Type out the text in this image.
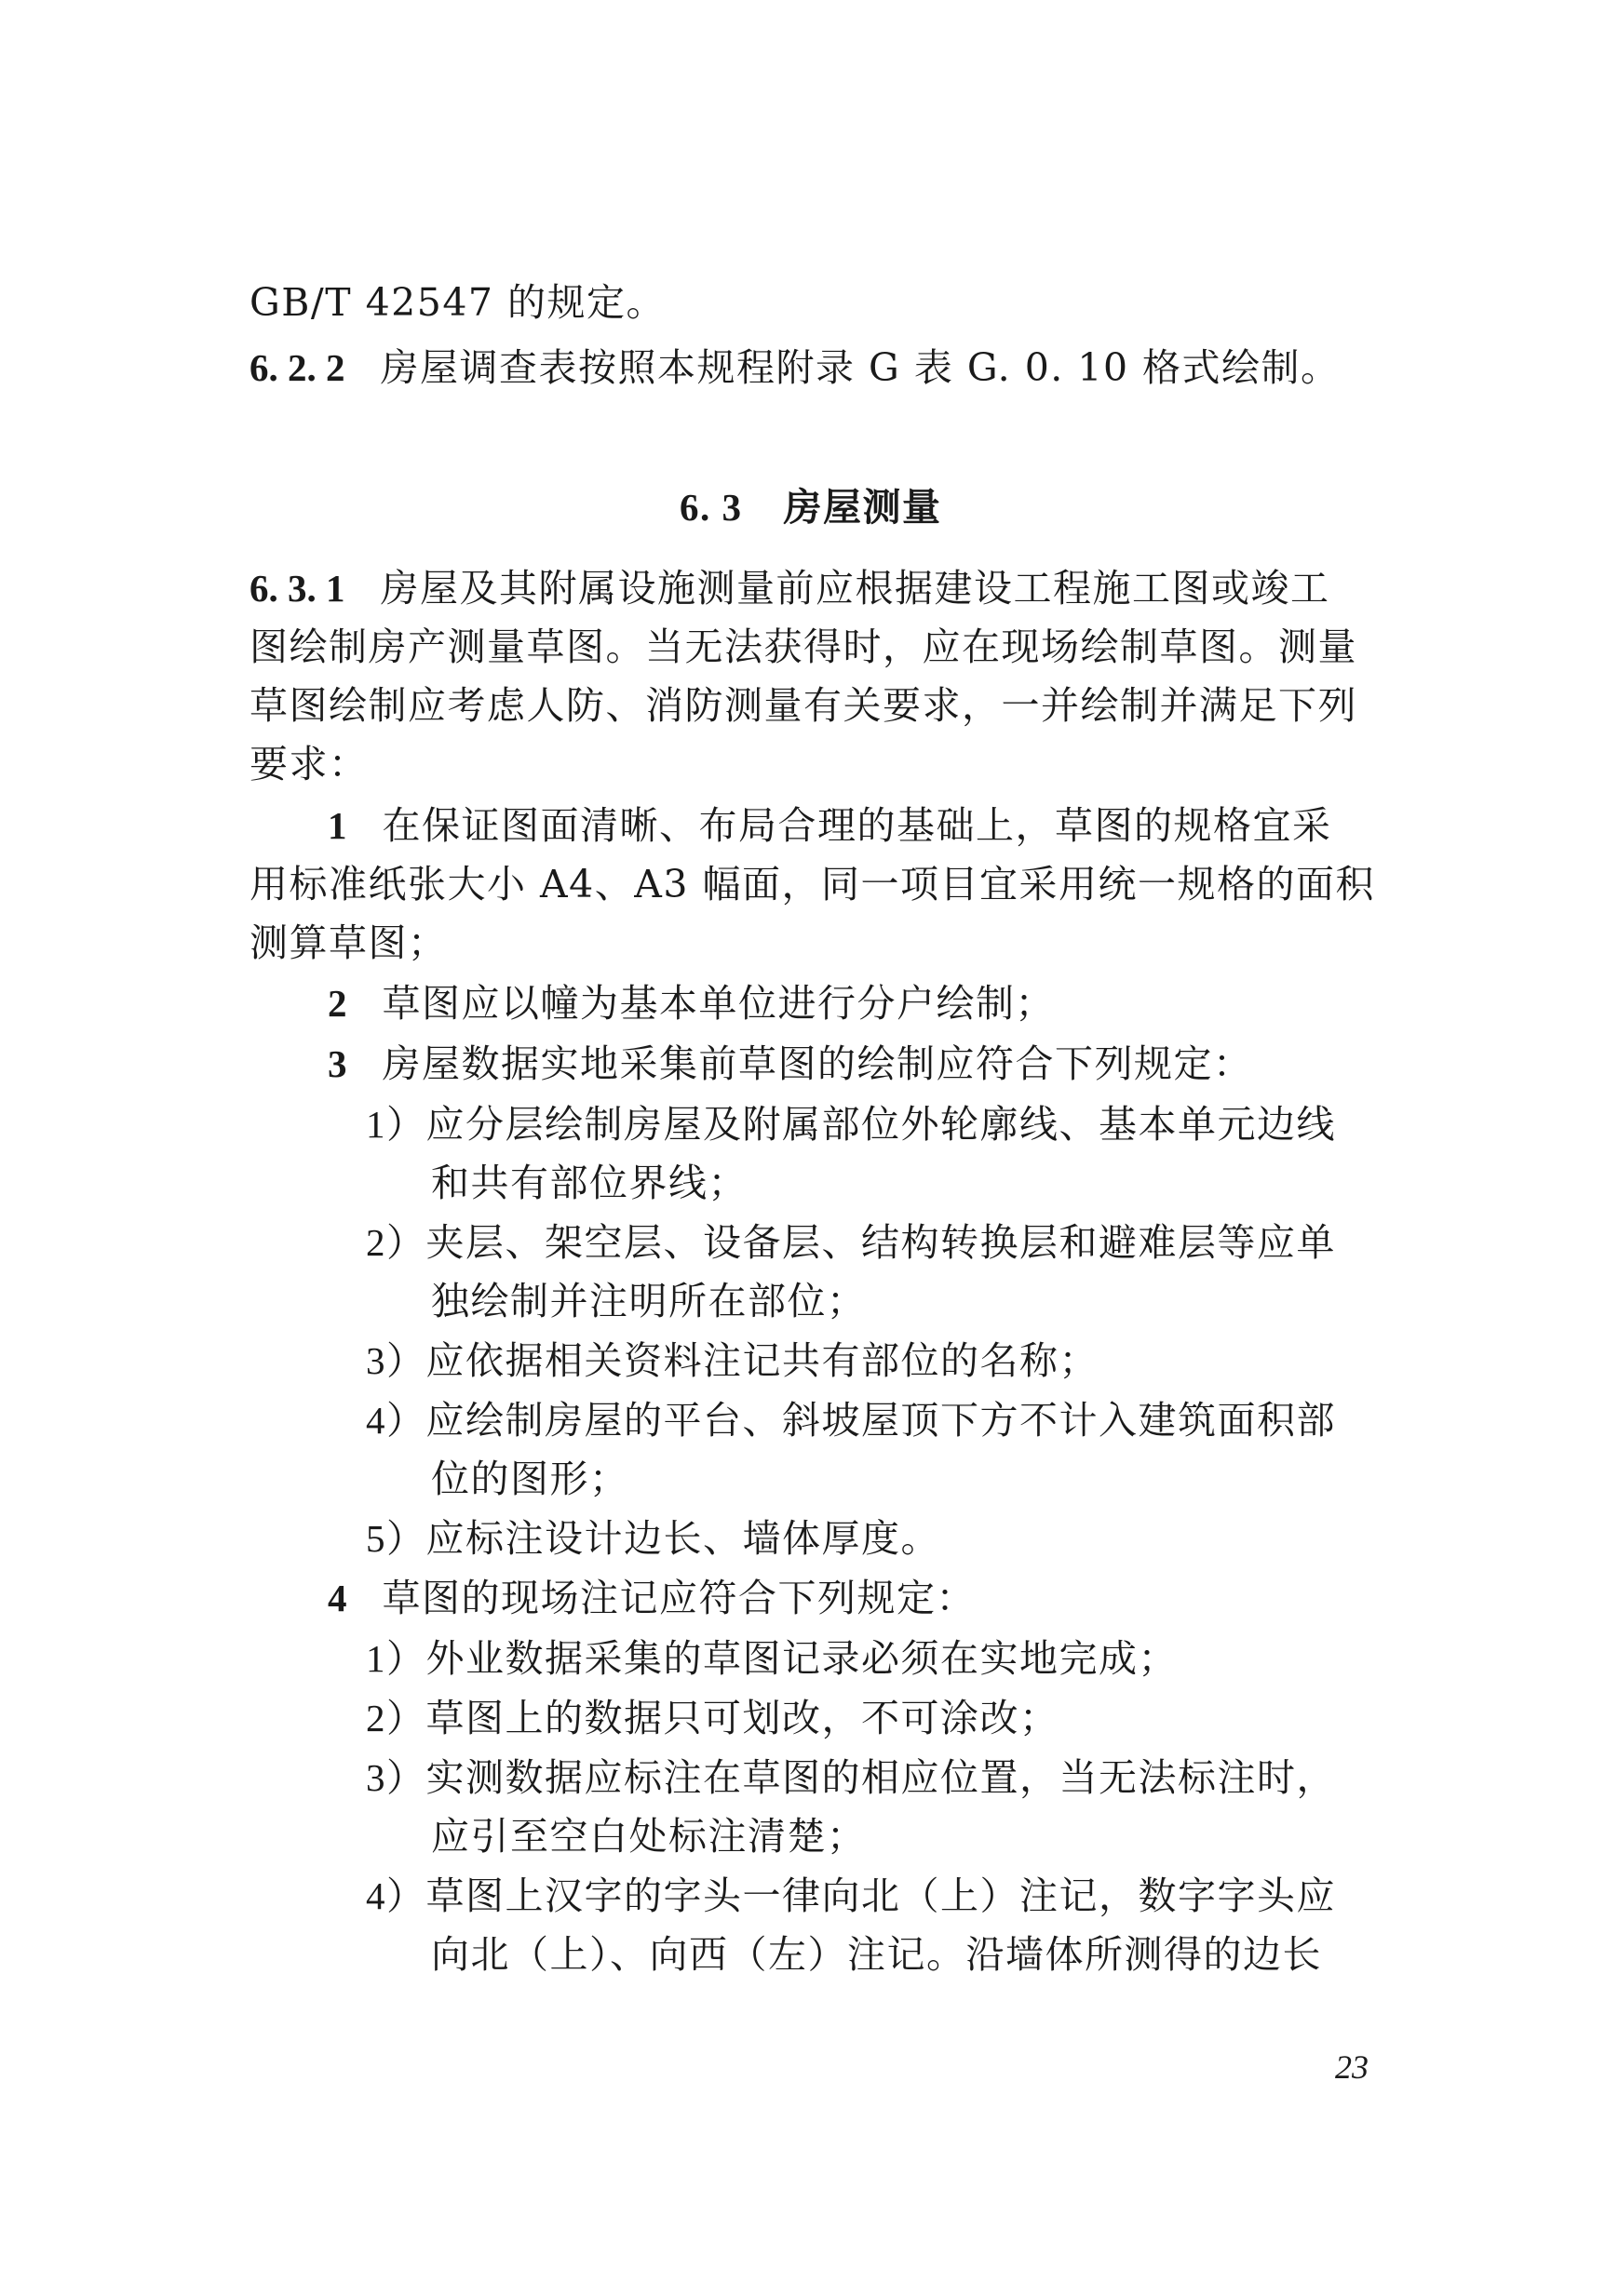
GB/T 42547 的规定。
6. 2. 2 房屋调查表按照本规程附录 G 表 G. 0. 10 格式绘制。
6. 3 房屋测量
6. 3. 1 房屋及其附属设施测量前应根据建设工程施工图或竣工
图绘制房产测量草图。当无法获得时，应在现场绘制草图。测量
草图绘制应考虑人防、消防测量有关要求，一并绘制并满足下列
要求：
1 在保证图面清晰、布局合理的基础上，草图的规格宜采
用标准纸张大小 A4、A3 幅面，同一项目宜采用统一规格的面积
测算草图；
2 草图应以幢为基本单位进行分户绘制；
3 房屋数据实地采集前草图的绘制应符合下列规定：
1）应分层绘制房屋及附属部位外轮廓线、基本单元边线
和共有部位界线；
2）夹层、架空层、设备层、结构转换层和避难层等应单
独绘制并注明所在部位；
3）应依据相关资料注记共有部位的名称；
4）应绘制房屋的平台、斜坡屋顶下方不计入建筑面积部
位的图形；
5）应标注设计边长、墙体厚度。
4 草图的现场注记应符合下列规定：
1）外业数据采集的草图记录必须在实地完成；
2）草图上的数据只可划改，不可涂改；
3）实测数据应标注在草图的相应位置，当无法标注时，
应引至空白处标注清楚；
4）草图上汉字的字头一律向北（上）注记，数字字头应
向北（上）、向西（左）注记。沿墙体所测得的边长
23
